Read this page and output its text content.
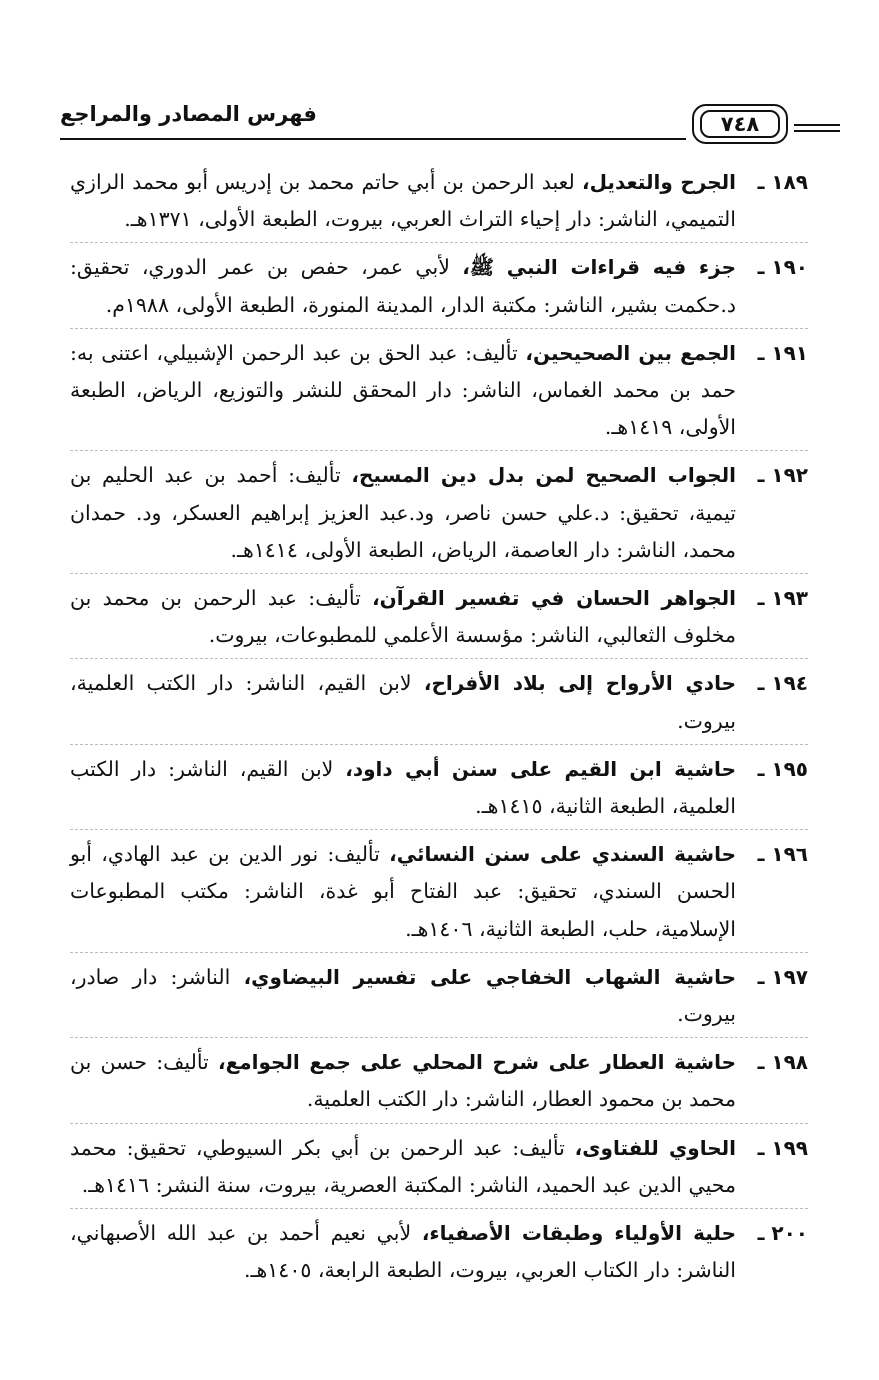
فهرس المصادر والمراجع	٧٤٨
١٨٩ ـ
الجرح والتعديل، لعبد الرحمن بن أبي حاتم محمد بن إدريس أبو محمد الرازي التميمي، الناشر: دار إحياء التراث العربي، بيروت، الطبعة الأولى، ١٣٧١هـ.
١٩٠ ـ
جزء فيه قراءات النبي ﷺ، لأبي عمر، حفص بن عمر الدوري، تحقيق: د.حكمت بشير، الناشر: مكتبة الدار، المدينة المنورة، الطبعة الأولى، ١٩٨٨م.
١٩١ ـ
الجمع بين الصحيحين، تأليف: عبد الحق بن عبد الرحمن الإشبيلي، اعتنى به: حمد بن محمد الغماس، الناشر: دار المحقق للنشر والتوزيع، الرياض، الطبعة الأولى، ١٤١٩هـ.
١٩٢ ـ
الجواب الصحيح لمن بدل دين المسيح، تأليف: أحمد بن عبد الحليم بن تيمية، تحقيق: د.علي حسن ناصر، ود.عبد العزيز إبراهيم العسكر، ود. حمدان محمد، الناشر: دار العاصمة، الرياض، الطبعة الأولى، ١٤١٤هـ.
١٩٣ ـ
الجواهر الحسان في تفسير القرآن، تأليف: عبد الرحمن بن محمد بن مخلوف الثعالبي، الناشر: مؤسسة الأعلمي للمطبوعات، بيروت.
١٩٤ ـ
حادي الأرواح إلى بلاد الأفراح، لابن القيم، الناشر: دار الكتب العلمية، بيروت.
١٩٥ ـ
حاشية ابن القيم على سنن أبي داود، لابن القيم، الناشر: دار الكتب العلمية، الطبعة الثانية، ١٤١٥هـ.
١٩٦ ـ
حاشية السندي على سنن النسائي، تأليف: نور الدين بن عبد الهادي، أبو الحسن السندي، تحقيق: عبد الفتاح أبو غدة، الناشر: مكتب المطبوعات الإسلامية، حلب، الطبعة الثانية، ١٤٠٦هـ.
١٩٧ ـ
حاشية الشهاب الخفاجي على تفسير البيضاوي، الناشر: دار صادر، بيروت.
١٩٨ ـ
حاشية العطار على شرح المحلي على جمع الجوامع، تأليف: حسن بن محمد بن محمود العطار، الناشر: دار الكتب العلمية.
١٩٩ ـ
الحاوي للفتاوى، تأليف: عبد الرحمن بن أبي بكر السيوطي، تحقيق: محمد محيي الدين عبد الحميد، الناشر: المكتبة العصرية، بيروت، سنة النشر: ١٤١٦هـ.
٢٠٠ ـ
حلية الأولياء وطبقات الأصفياء، لأبي نعيم أحمد بن عبد الله الأصبهاني، الناشر: دار الكتاب العربي، بيروت، الطبعة الرابعة، ١٤٠٥هـ.
